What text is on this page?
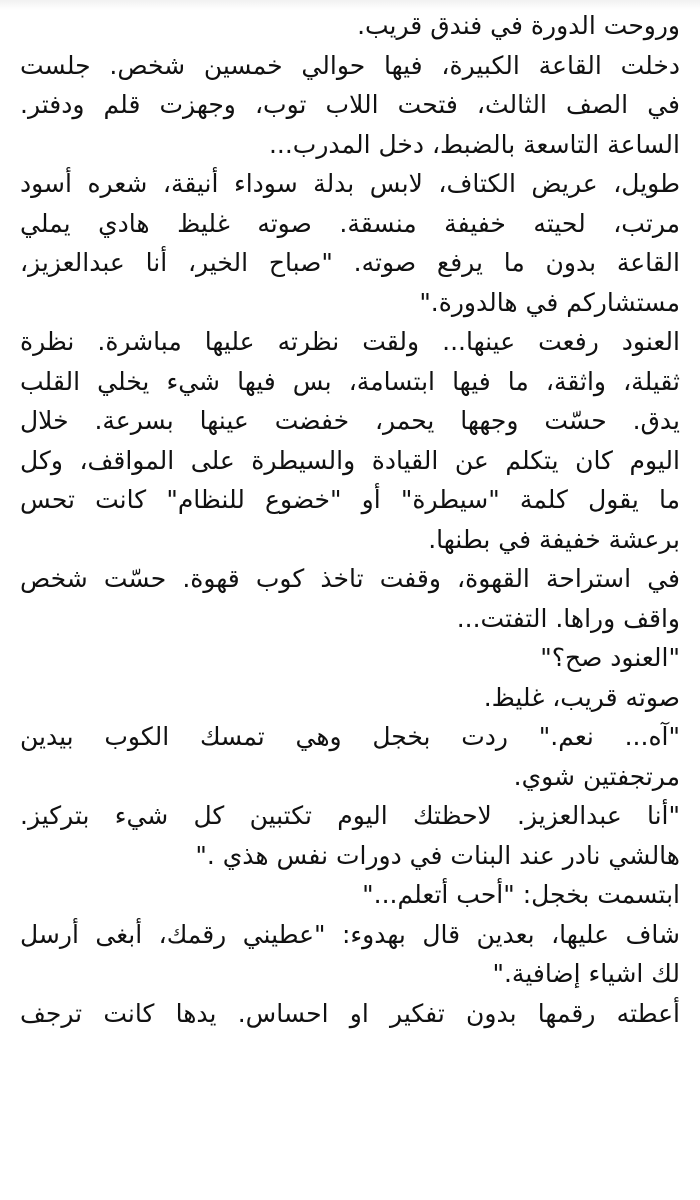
وروحت الدورة في فندق قريب.
دخلت القاعة الكبيرة، فيها حوالي خمسين شخص. جلست
في الصف الثالث، فتحت اللاب توب، وجهزت قلم ودفتر.
الساعة التاسعة بالضبط، دخل المدرب...
طويل، عريض الكتاف، لابس بدلة سوداء أنيقة، شعره أسود
مرتب، لحيته خفيفة منسقة. صوته غليظ هادي يملي
القاعة بدون ما يرفع صوته. "صباح الخير، أنا عبدالعزيز،
مستشاركم في هالدورة."
العنود رفعت عينها... ولقت نظرته عليها مباشرة. نظرة
ثقيلة، واثقة، ما فيها ابتسامة، بس فيها شيء يخلي القلب
يدق. حسّت وجهها يحمر، خفضت عينها بسرعة. خلال
اليوم كان يتكلم عن القيادة والسيطرة على المواقف، وكل
ما يقول كلمة "سيطرة" أو "خضوع للنظام" كانت تحس
برعشة خفيفة في بطنها.
في استراحة القهوة، وقفت تاخذ كوب قهوة. حسّت شخص
واقف وراها. التفتت...
"العنود صح؟"
صوته قريب، غليظ.
"آه... نعم." ردت بخجل وهي تمسك الكوب بيدين
مرتجفتين شوي.
"أنا عبدالعزيز. لاحظتك اليوم تكتبين كل شيء بتركيز.
هالشي نادر عند البنات في دورات نفس هذي ."
ابتسمت بخجل: "أحب أتعلم..."
شاف عليها، بعدين قال بهدوء: "عطيني رقمك، أبغى أرسل
لك اشياء إضافية."
أعطته رقمها بدون تفكير او احساس. يدها كانت ترجف
